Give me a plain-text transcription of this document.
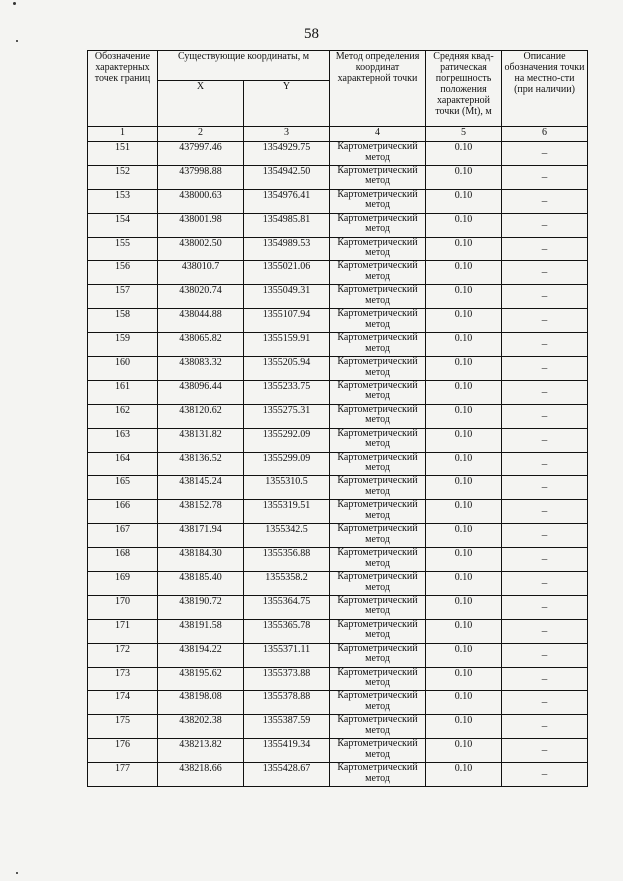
58
Обозначение характерных точек границ	Существующие координаты, м		Метод определения координат характерной точки	Средняя квад-ратическая погрешность положения характерной точки (Mt), м	Описание обозначения точки на местно-сти (при наличии)
	X	Y			
1	2	3	4	5	6
151	437997.46	1354929.75	Картометрический метод	0.10	–
152	437998.88	1354942.50	Картометрический метод	0.10	–
153	438000.63	1354976.41	Картометрический метод	0.10	–
154	438001.98	1354985.81	Картометрический метод	0.10	–
155	438002.50	1354989.53	Картометрический метод	0.10	–
156	438010.7	1355021.06	Картометрический метод	0.10	–
157	438020.74	1355049.31	Картометрический метод	0.10	–
158	438044.88	1355107.94	Картометрический метод	0.10	–
159	438065.82	1355159.91	Картометрический метод	0.10	–
160	438083.32	1355205.94	Картометрический метод	0.10	–
161	438096.44	1355233.75	Картометрический метод	0.10	–
162	438120.62	1355275.31	Картометрический метод	0.10	–
163	438131.82	1355292.09	Картометрический метод	0.10	–
164	438136.52	1355299.09	Картометрический метод	0.10	–
165	438145.24	1355310.5	Картометрический метод	0.10	–
166	438152.78	1355319.51	Картометрический метод	0.10	–
167	438171.94	1355342.5	Картометрический метод	0.10	–
168	438184.30	1355356.88	Картометрический метод	0.10	–
169	438185.40	1355358.2	Картометрический метод	0.10	–
170	438190.72	1355364.75	Картометрический метод	0.10	–
171	438191.58	1355365.78	Картометрический метод	0.10	–
172	438194.22	1355371.11	Картометрический метод	0.10	–
173	438195.62	1355373.88	Картометрический метод	0.10	–
174	438198.08	1355378.88	Картометрический метод	0.10	–
175	438202.38	1355387.59	Картометрический метод	0.10	–
176	438213.82	1355419.34	Картометрический метод	0.10	–
177	438218.66	1355428.67	Картометрический метод	0.10	–
